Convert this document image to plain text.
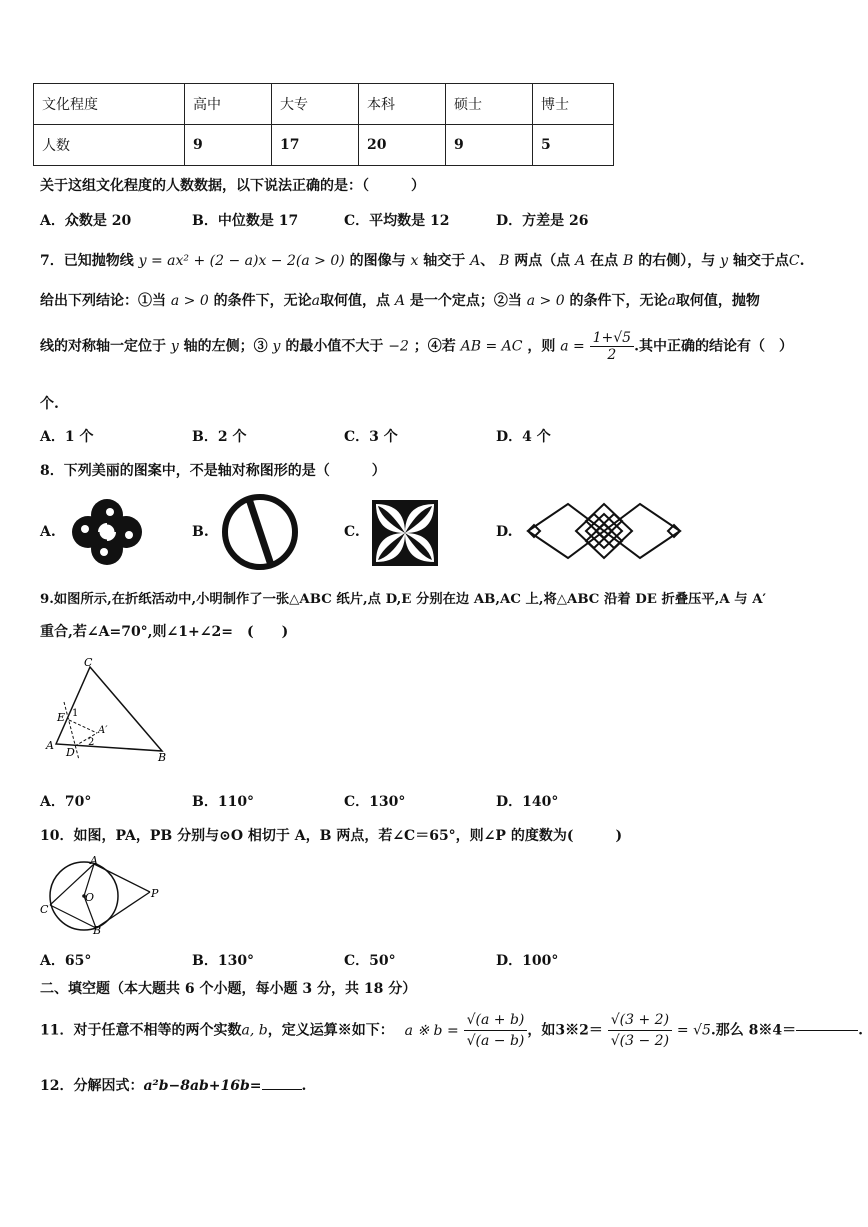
文化程度	高中	大专	本科	硕士	博士
人数	9	17	20	9	5
关于这组文化程度的人数数据，以下说法正确的是：（　　　）
A．众数是 20	B．中位数是 17	C．平均数是 12	D．方差是 26
7．已知抛物线 y = ax² + (2 − a)x − 2(a > 0) 的图像与 x 轴交于 A、 B 两点（点 A 在点 B 的右侧），与 y 轴交于点C.
给出下列结论：①当 a > 0 的条件下，无论a取何值，点 A 是一个定点；②当 a > 0 的条件下，无论a取何值，抛物
线的对称轴一定位于 y 轴的左侧；③ y 的最小值不大于 −2 ；④若 AB = AC ，则 $a = \frac{1+√5}{2}$ .其中正确的结论有（　）
个.
A．1 个	B．2 个	C．3 个	D．4 个
8．下列美丽的图案中，不是轴对称图形的是（　　　）
A.	B.	C.	D.
9.如图所示,在折纸活动中,小明制作了一张△ABC 纸片,点 D,E 分别在边 AB,AC 上,将△ABC 沿着 DE 折叠压平,A 与 A′
重合,若∠A=70°,则∠1+∠2=　(　　)
C
E 1
A′
2
A
D	B
A．70°	B．110°	C．130°	D．140°
10．如图，PA，PB 分别与⊙O 相切于 A，B 两点，若∠C＝65°，则∠P 的度数为(　　　)
A
O	P
C
B
A．65°	B．130°	C．50°	D．100°
二、填空题（本大题共 6 个小题，每小题 3 分，共 18 分）
11．对于任意不相等的两个实数a, b，定义运算※如下： a ※ $b = \frac{√(a + b)}{√(a - b)}$ ，如3※2＝ $\frac{√(3 + 2)}{√(3 - 2)} = √5$.那么 8※4＝	.
12．分解因式：a²b−8ab+16b=	.
